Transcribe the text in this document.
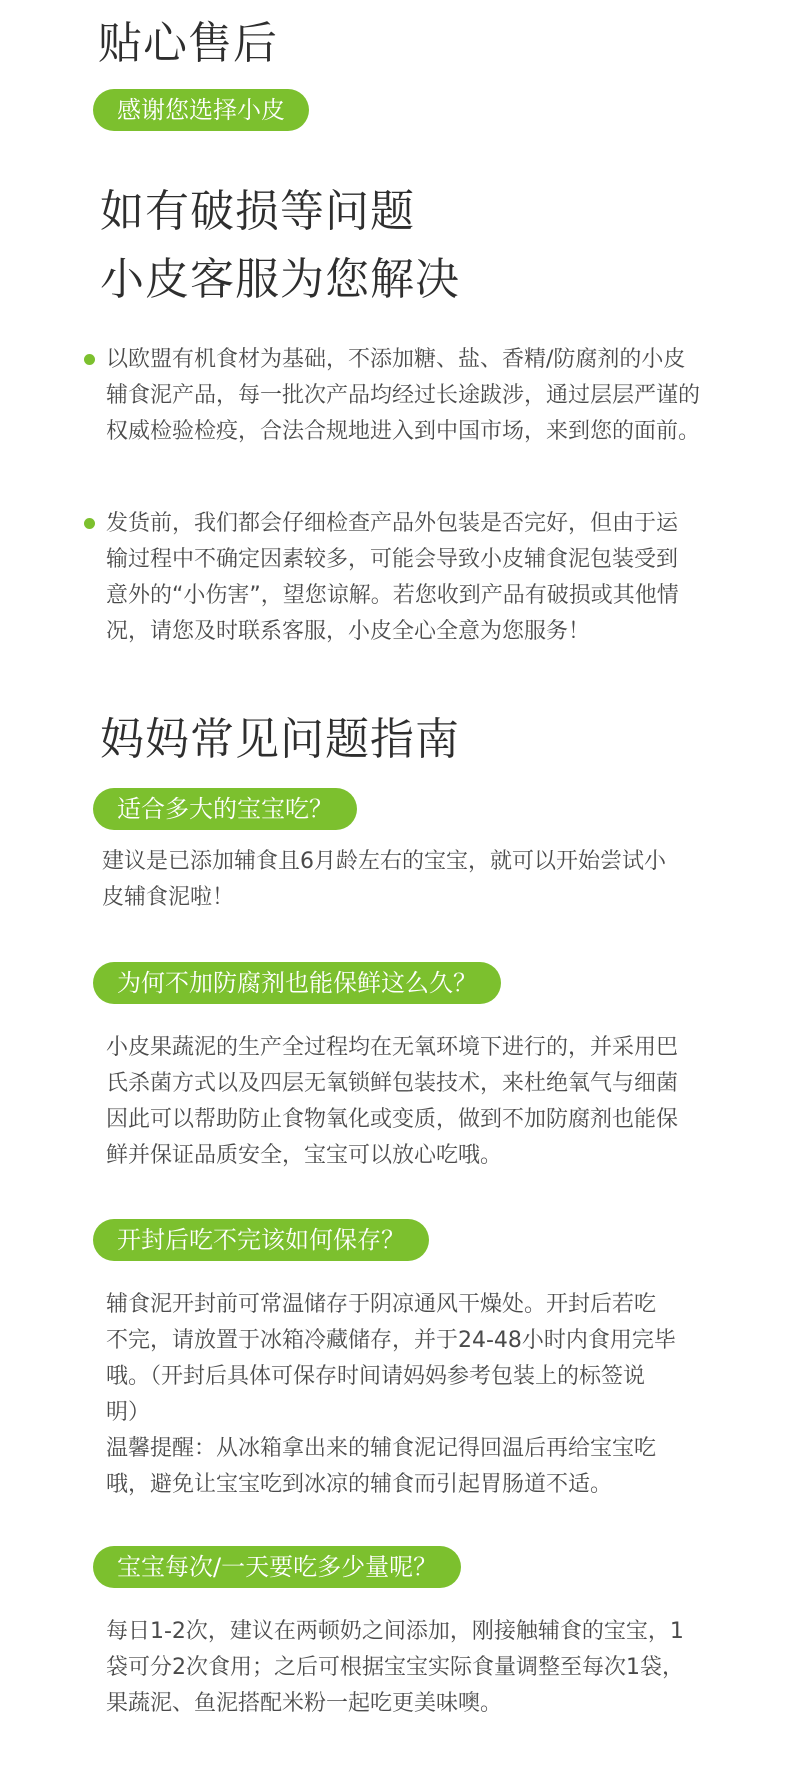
贴心售后
感谢您选择小皮
如有破损等问题
小皮客服为您解决
以欧盟有机食材为基础，不添加糖、盐、香精/防腐剂的小皮
辅食泥产品，每一批次产品均经过长途跋涉，通过层层严谨的
权威检验检疫，合法合规地进入到中国市场，来到您的面前。
发货前，我们都会仔细检查产品外包装是否完好，但由于运
输过程中不确定因素较多，可能会导致小皮辅食泥包装受到
意外的“小伤害”，望您谅解。若您收到产品有破损或其他情
况，请您及时联系客服，小皮全心全意为您服务！
妈妈常见问题指南
适合多大的宝宝吃？
建议是已添加辅食且6月龄左右的宝宝，就可以开始尝试小
皮辅食泥啦！
为何不加防腐剂也能保鲜这么久？
小皮果蔬泥的生产全过程均在无氧环境下进行的，并采用巴
氏杀菌方式以及四层无氧锁鲜包装技术，来杜绝氧气与细菌
因此可以帮助防止食物氧化或变质，做到不加防腐剂也能保
鲜并保证品质安全，宝宝可以放心吃哦。
开封后吃不完该如何保存？
辅食泥开封前可常温储存于阴凉通风干燥处。开封后若吃
不完，请放置于冰箱冷藏储存，并于24-48小时内食用完毕
哦。（开封后具体可保存时间请妈妈参考包装上的标签说
明）
温馨提醒：从冰箱拿出来的辅食泥记得回温后再给宝宝吃
哦，避免让宝宝吃到冰凉的辅食而引起胃肠道不适。
宝宝每次/一天要吃多少量呢？
每日1-2次，建议在两顿奶之间添加，刚接触辅食的宝宝，1
袋可分2次食用；之后可根据宝宝实际食量调整至每次1袋，
果蔬泥、鱼泥搭配米粉一起吃更美味噢。
